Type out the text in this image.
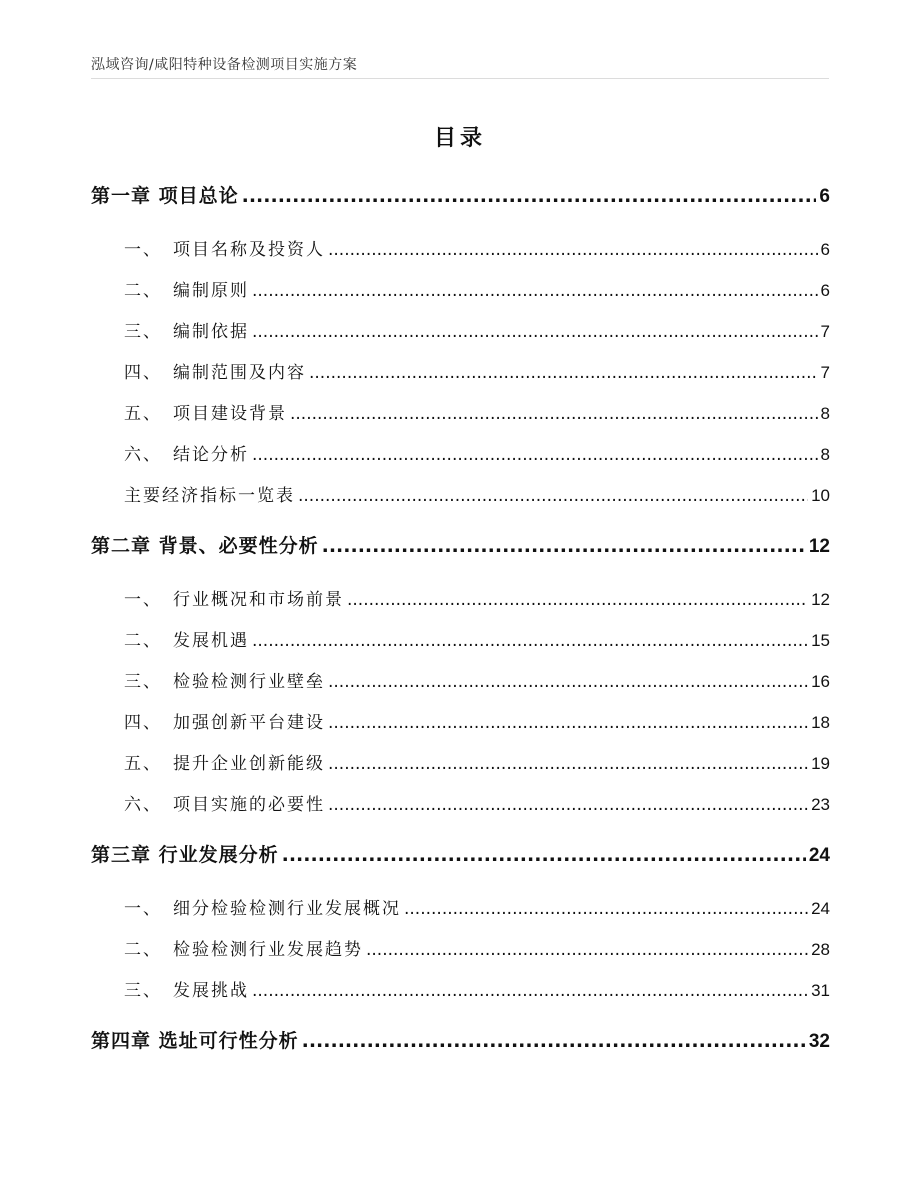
泓域咨询/咸阳特种设备检测项目实施方案
目录
第一章 项目总论 .....	6
一、 项目名称及投资人 .....	6
二、 编制原则 .....	6
三、 编制依据 .....	7
四、 编制范围及内容 .....	7
五、 项目建设背景 .....	8
六、 结论分析 .....	8
主要经济指标一览表 .....	10
第二章 背景、必要性分析 .....	12
一、 行业概况和市场前景 .....	12
二、 发展机遇 .....	15
三、 检验检测行业壁垒 .....	16
四、 加强创新平台建设 .....	18
五、 提升企业创新能级 .....	19
六、 项目实施的必要性 .....	23
第三章 行业发展分析 .....	24
一、 细分检验检测行业发展概况 .....	24
二、 检验检测行业发展趋势 .....	28
三、 发展挑战 .....	31
第四章 选址可行性分析 .....	32
